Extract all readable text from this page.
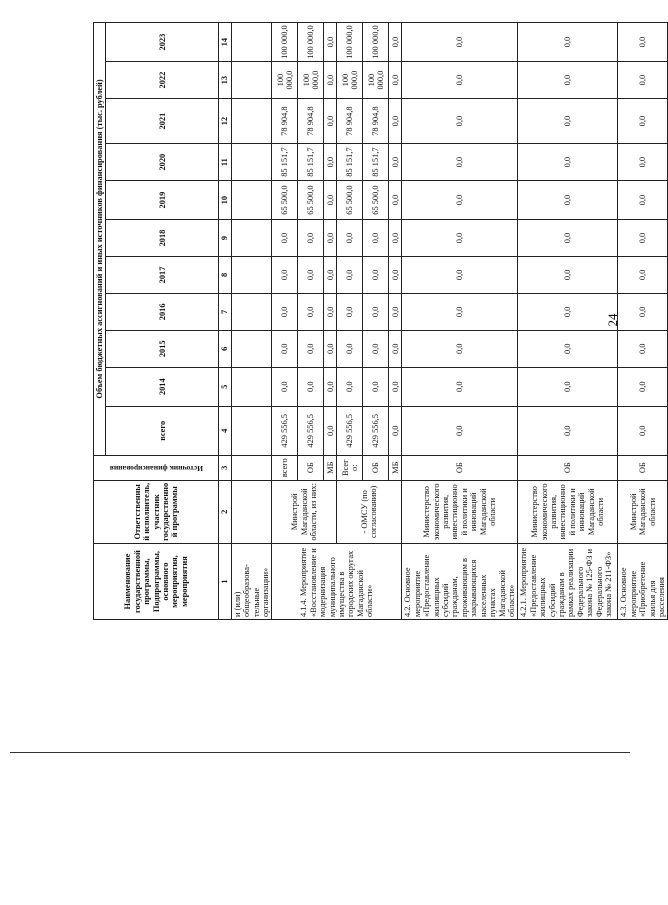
24
Наименование государственной программы, Подпрограммы, основного мероприятия, мероприятия	Ответственный исполнитель, участник государственной программы	Источник финансирования	Объем бюджетных ассигнований и иных источников финансирования (тыс. рублей)										
			всего	2014	2015	2016	2017	2018	2019	2020	2021	2022	2023

1	2	3	4	5	6	7	8	9	10	11	12	13	14
и (или) общеобразова-тельные организации»													
4.1.4. Мероприятие «Восстановление и модернизация муниципального имущества в городских округах Магаданской области»	Минстрой Магаданской области, из них:	всего	429 556,5	0,0	0,0	0,0	0,0	0,0	65 500,0	85 151,7	78 904,8	100 000,0	100 000,0
		ОБ	429 556,5	0,0	0,0	0,0	0,0	0,0	65 500,0	85 151,7	78 904,8	100 000,0	100 000,0
		МБ	0,0	0,0	0,0	0,0	0,0	0,0	0,0	0,0	0,0	0,0	0,0
	- ОМСУ (по согласованию)	Всего:	429 556,5	0,0	0,0	0,0	0,0	0,0	65 500,0	85 151,7	78 904,8	100 000,0	100 000,0
		ОБ	429 556,5	0,0	0,0	0,0	0,0	0,0	65 500,0	85 151,7	78 904,8	100 000,0	100 000,0
		МБ	0,0	0,0	0,0	0,0	0,0	0,0	0,0	0,0	0,0	0,0	0,0
4.2. Основное мероприятие «Предоставление жилищных субсидий гражданам, проживающим в закрывающихся населенных пунктах Магаданской области»	Министерство экономического развития, инвестиционной политики и инноваций Магаданской области	ОБ	0,0	0,0	0,0	0,0	0,0	0,0	0,0	0,0	0,0	0,0	0,0
4.2.1. Мероприятие «Предоставление жилищных субсидий гражданам в рамках реализации Федерального закона № 125-ФЗ и Федерального закона № 211-ФЗ»	Министерство экономического развития, инвестиционной политики и инноваций Магаданской области	ОБ	0,0	0,0	0,0	0,0	0,0	0,0	0,0	0,0	0,0	0,0	0,0
4.3. Основное мероприятие «Приобретение жилья для расселения	Минстрой Магаданской области	ОБ	0,0	0,0	0,0	0,0	0,0	0,0	0,0	0,0	0,0	0,0	0,0
